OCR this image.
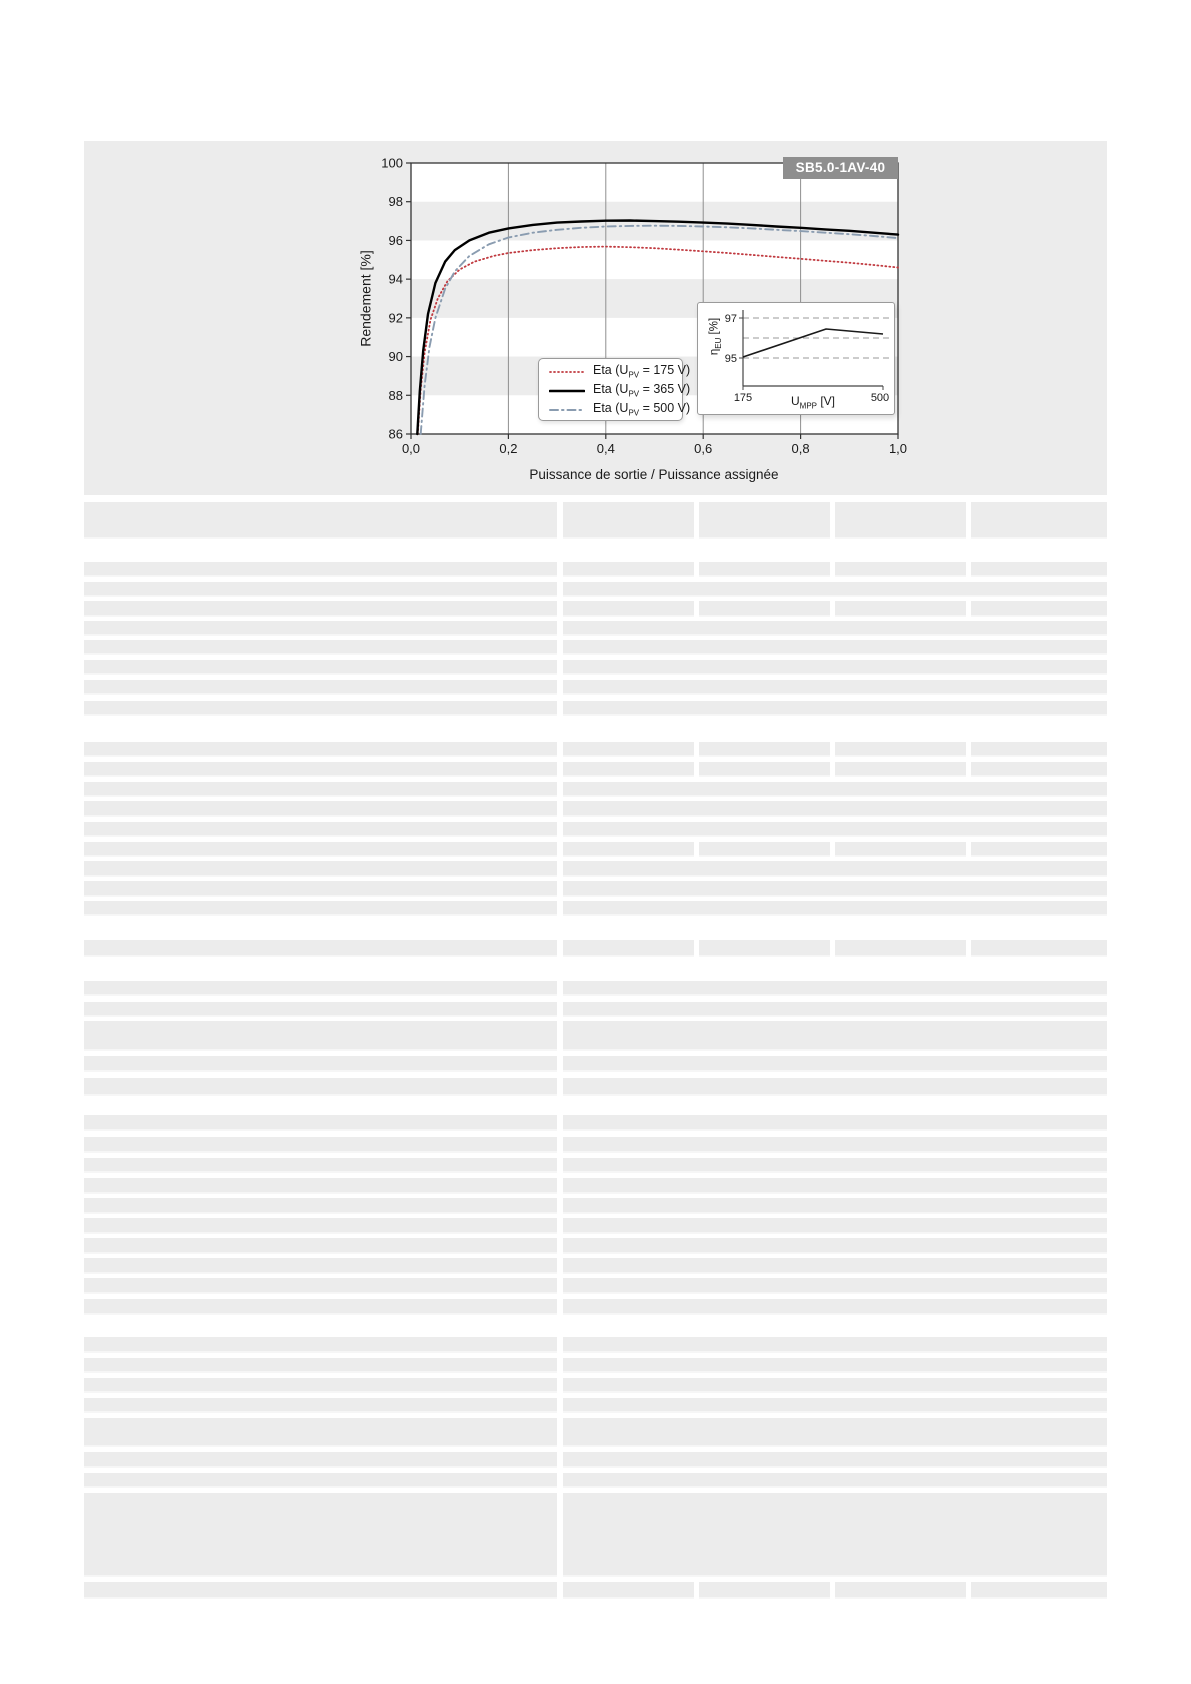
86
88
90
92
94
96
98
100
0,0	0,2	0,4	0,6	0,8	1,0
Rendement [%]
SB5.0-1AV-40
Eta ($U_{PV} = 175$ V)
Eta ($U_{PV} = 365$ V)
Eta ($U_{PV} = 500$ V)
95
97
175	500
$\eta_{EU}$ [%]
$U_{MPP}$ [V]
Puissance de sortie / Puissance assignée
